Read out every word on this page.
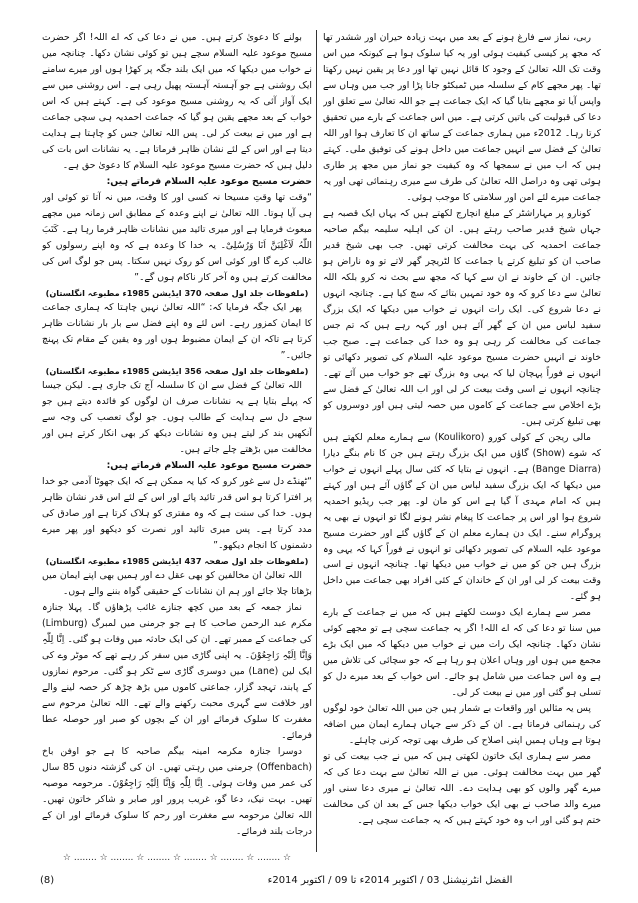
ربی، نماز سے فارغ ہونے کے بعد میں بہت زیادہ حیران اور ششدر تھا کہ مجھ پر کیسی کیفیت ہوئی اور یہ کیا سلوک ہوا ہے کیونکہ میں اس وقت تک اللہ تعالیٰ کے وجود کا قائل نہیں تھا اور دعا پر یقین نہیں رکھتا تھا۔ پھر مجھے کام کے سلسلہ میں ٹمبکٹو جانا پڑا اور جب میں وہاں سے واپس آیا تو مجھے بتایا گیا کہ ایک جماعت ہے جو اللہ تعالیٰ سے تعلق اور دعا کی قبولیت کی باتیں کرتی ہے۔ میں اس جماعت کے بارے میں تحقیق کرتا رہا۔ 2012ء میں ہماری جماعت کے ساتھ ان کا تعارف ہوا اور اللہ تعالیٰ کے فضل سے انہیں جماعت میں داخل ہونے کی توفیق ملی۔ کہتے ہیں کہ اب میں نے سمجھا کہ وہ کیفیت جو نماز میں مجھ پر طاری ہوئی تھی وہ دراصل اللہ تعالیٰ کی طرف سے میری رہنمائی تھی اور یہ جماعت میرے لئے امن اور سلامتی کا موجب ہوئی۔

کونارو پر مہاراشٹر کے مبلغ انچارج لکھتے ہیں کہ یہاں ایک قصبہ ہے جہاں شیخ قدیر صاحب رہتے ہیں۔ ان کی اہلیہ سلیمہ بیگم صاحبہ جماعت احمدیہ کی بہت مخالفت کرتی تھیں۔ جب بھی شیخ قدیر صاحب ان کو تبلیغ کرتے یا جماعت کا لٹریچر گھر لاتے تو وہ ناراض ہو جاتیں۔ ان کے خاوند نے ان سے کہا کہ مجھ سے بحث نہ کرو بلکہ اللہ تعالیٰ سے دعا کرو کہ وہ خود تمہیں بتائے کہ سچ کیا ہے۔ چنانچہ انہوں نے دعا شروع کی۔ ایک رات انہوں نے خواب میں دیکھا کہ ایک بزرگ سفید لباس میں ان کے گھر آئے ہیں اور کہہ رہے ہیں کہ تم جس جماعت کی مخالفت کر رہی ہو وہ خدا کی جماعت ہے۔ صبح جب خاوند نے انہیں حضرت مسیح موعود علیہ السلام کی تصویر دکھائی تو انہوں نے فوراً پہچان لیا کہ یہی وہ بزرگ تھے جو خواب میں آئے تھے۔ چنانچہ انہوں نے اسی وقت بیعت کر لی اور اب اللہ تعالیٰ کے فضل سے بڑے اخلاص سے جماعت کے کاموں میں حصہ لیتی ہیں اور دوسروں کو بھی تبلیغ کرتی ہیں۔

مالی ریجن کے کولی کورو (Koulikoro) سے ہمارے معلم لکھتے ہیں کہ شوے (Show) گاؤں میں ایک بزرگ رہتے ہیں جن کا نام بنگے دیارا (Bange Diarra) ہے۔ انہوں نے بتایا کہ کئی سال پہلے انہوں نے خواب میں دیکھا کہ ایک بزرگ سفید لباس میں ان کے گاؤں آئے ہیں اور کہتے ہیں کہ امام مہدی آ گیا ہے اس کو مان لو۔ پھر جب ریڈیو احمدیہ شروع ہوا اور اس پر جماعت کا پیغام نشر ہونے لگا تو انہوں نے بھی یہ پروگرام سنے۔ ایک دن ہمارے معلم ان کے گاؤں گئے اور حضرت مسیح موعود علیہ السلام کی تصویر دکھائی تو انہوں نے فوراً کہا کہ یہی وہ بزرگ ہیں جن کو میں نے خواب میں دیکھا تھا۔ چنانچہ انہوں نے اسی وقت بیعت کر لی اور ان کے خاندان کے کئی افراد بھی جماعت میں داخل ہو گئے۔

مصر سے ہمارے ایک دوست لکھتے ہیں کہ میں نے جماعت کے بارے میں سنا تو دعا کی کہ اے اللہ! اگر یہ جماعت سچی ہے تو مجھے کوئی نشان دکھا۔ چنانچہ ایک رات میں نے خواب میں دیکھا کہ میں ایک بڑے مجمع میں ہوں اور وہاں اعلان ہو رہا ہے کہ جو سچائی کی تلاش میں ہے وہ اس جماعت میں شامل ہو جائے۔ اس خواب کے بعد میرے دل کو تسلی ہو گئی اور میں نے بیعت کر لی۔

پس یہ مثالیں اور واقعات بے شمار ہیں جن میں اللہ تعالیٰ خود لوگوں کی رہنمائی فرماتا ہے۔ ان کے ذکر سے جہاں ہمارے ایمان میں اضافہ ہوتا ہے وہاں ہمیں اپنی اصلاح کی طرف بھی توجہ کرنی چاہئے۔

مصر سے ہماری ایک خاتون لکھتی ہیں کہ میں نے جب بیعت کی تو گھر میں بہت مخالفت ہوئی۔ میں نے اللہ تعالیٰ سے بہت دعا کی کہ میرے گھر والوں کو بھی ہدایت دے۔ اللہ تعالیٰ نے میری دعا سنی اور میرے والد صاحب نے بھی ایک خواب دیکھا جس کے بعد ان کی مخالفت ختم ہو گئی اور اب وہ خود کہتے ہیں کہ یہ جماعت سچی ہے۔

بولنے کا دعویٰ کرتے ہیں۔ میں نے دعا کی کہ اے اللہ! اگر حضرت مسیح موعود علیہ السلام سچے ہیں تو کوئی نشان دکھا۔ چنانچہ میں نے خواب میں دیکھا کہ میں ایک بلند جگہ پر کھڑا ہوں اور میرے سامنے ایک روشنی ہے جو آہستہ آہستہ پھیل رہی ہے۔ اس روشنی میں سے ایک آواز آئی کہ یہ روشنی مسیح موعود کی ہے۔ کہتے ہیں کہ اس خواب کے بعد مجھے یقین ہو گیا کہ جماعت احمدیہ ہی سچی جماعت ہے اور میں نے بیعت کر لی۔ پس اللہ تعالیٰ جس کو چاہتا ہے ہدایت دیتا ہے اور اس کے لئے نشان ظاہر فرماتا ہے۔ یہ نشانات اس بات کی دلیل ہیں کہ حضرت مسیح موعود علیہ السلام کا دعویٰ حق ہے۔

حضرت مسیح موعود علیہ السلام فرماتے ہیں:

“وقت تھا وقتِ مسیحا نہ کسی اور کا وقت، میں نہ آتا تو کوئی اور ہی آیا ہوتا۔ اللہ تعالیٰ نے اپنے وعدہ کے مطابق اس زمانہ میں مجھے مبعوث فرمایا ہے اور میری تائید میں نشانات ظاہر فرما رہا ہے۔ کَتَبَ اللّٰہُ لَاَغْلِبَنَّ اَنَا وَرُسُلِیْ۔ یہ خدا کا وعدہ ہے کہ وہ اپنے رسولوں کو غالب کرے گا اور کوئی اس کو روک نہیں سکتا۔ پس جو لوگ اس کی مخالفت کرتے ہیں وہ آخر کار ناکام ہوں گے۔”

(ملفوظات جلد اول صفحہ 370 ایڈیشن 1985ء مطبوعہ انگلستان)

پھر ایک جگہ فرمایا کہ: “اللہ تعالیٰ نہیں چاہتا کہ ہماری جماعت کا ایمان کمزور رہے۔ اس لئے وہ اپنے فضل سے بار بار نشانات ظاہر کرتا ہے تاکہ ان کے ایمان مضبوط ہوں اور وہ یقین کے مقام تک پہنچ جائیں۔”

(ملفوظات جلد اول صفحہ 356 ایڈیشن 1985ء مطبوعہ انگلستان)

اللہ تعالیٰ کے فضل سے ان کا سلسلہ آج تک جاری ہے۔ لیکن جیسا کہ پہلے بتایا ہے یہ نشانات صرف ان لوگوں کو فائدہ دیتے ہیں جو سچے دل سے ہدایت کے طالب ہوں۔ جو لوگ تعصب کی وجہ سے آنکھیں بند کر لیتے ہیں وہ نشانات دیکھ کر بھی انکار کرتے ہیں اور مخالفت میں بڑھتے چلے جاتے ہیں۔

حضرت مسیح موعود علیہ السلام فرماتے ہیں:

“ٹھنڈے دل سے غور کرو کہ کیا یہ ممکن ہے کہ ایک جھوٹا آدمی جو خدا پر افترا کرتا ہو اس قدر تائید پائے اور اس کے لئے اس قدر نشان ظاہر ہوں۔ خدا کی سنت ہے کہ وہ مفتری کو ہلاک کرتا ہے اور صادق کی مدد کرتا ہے۔ پس میری تائید اور نصرت کو دیکھو اور پھر میرے دشمنوں کا انجام دیکھو۔”

(ملفوظات جلد اول صفحہ 437 ایڈیشن 1985ء مطبوعہ انگلستان)

اللہ تعالیٰ ان مخالفین کو بھی عقل دے اور ہمیں بھی اپنے ایمان میں بڑھاتا چلا جائے اور ہم ان نشانات کے حقیقی گواہ بننے والے ہوں۔

نماز جمعہ کے بعد میں کچھ جنازے غائب پڑھاؤں گا۔ پہلا جنازہ مکرم عبد الرحمن صاحب کا ہے جو جرمنی میں لمبرگ (Limburg) کی جماعت کے ممبر تھے۔ ان کی ایک حادثہ میں وفات ہو گئی۔ اِنَّا لِلّٰہِ وَاِنَّا اِلَیْہِ رَاجِعُوْنَ۔ یہ اپنی گاڑی میں سفر کر رہے تھے کہ موٹر وے کی ایک لین (Lane) میں دوسری گاڑی سے ٹکر ہو گئی۔ مرحوم نمازوں کے پابند، تہجد گزار، جماعتی کاموں میں بڑھ چڑھ کر حصہ لینے والے اور خلافت سے گہری محبت رکھنے والے تھے۔ اللہ تعالیٰ مرحوم سے مغفرت کا سلوک فرمائے اور ان کے بچوں کو صبر اور حوصلہ عطا فرمائے۔

دوسرا جنازہ مکرمہ امینہ بیگم صاحبہ کا ہے جو اوفن باخ (Offenbach) جرمنی میں رہتی تھیں۔ ان کی گزشتہ دنوں 85 سال کی عمر میں وفات ہوئی۔ اِنَّا لِلّٰہِ وَاِنَّا اِلَیْہِ رَاجِعُوْنَ۔ مرحومہ موصیہ تھیں۔ بہت نیک، دعا گو، غریب پرور اور صابر و شاکر خاتون تھیں۔ اللہ تعالیٰ مرحومہ سے مغفرت اور رحم کا سلوک فرمائے اور ان کے درجات بلند فرمائے۔

☆ ........ ☆ ........ ☆ ........ ☆ ........ ☆ ........ ☆ ........ ☆
(8)	الفضل انٹرنیشنل 03 / اکتوبر 2014ء تا 09 / اکتوبر 2014ء
